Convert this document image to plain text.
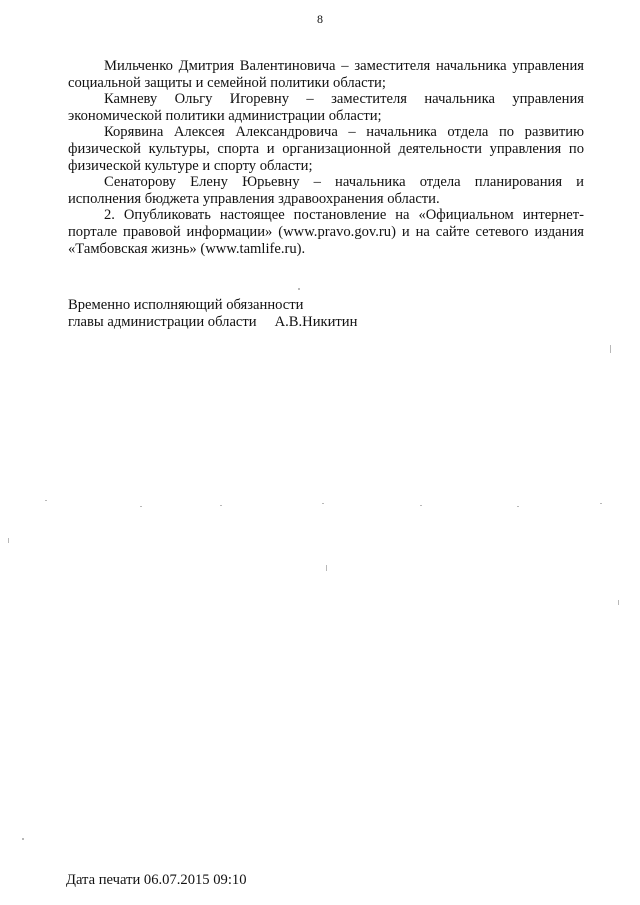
8

Мильченко Дмитрия Валентиновича – заместителя начальника управления социальной защиты и семейной политики области;

Камневу Ольгу Игоревну – заместителя начальника управления экономической политики администрации области;

Корявина Алексея Александровича – начальника отдела по развитию физической культуры, спорта и организационной деятельности управления по физической культуре и спорту области;

Сенаторову Елену Юрьевну – начальника отдела планирования и исполнения бюджета управления здравоохранения области.

2. Опубликовать настоящее постановление на «Официальном интернет-портале правовой информации» (www.pravo.gov.ru) и на сайте сетевого издания «Тамбовская жизнь» (www.tamlife.ru).

Временно исполняющий обязанности
главы администрации области А.В.Никитин
Дата печати 06.07.2015 09:10
